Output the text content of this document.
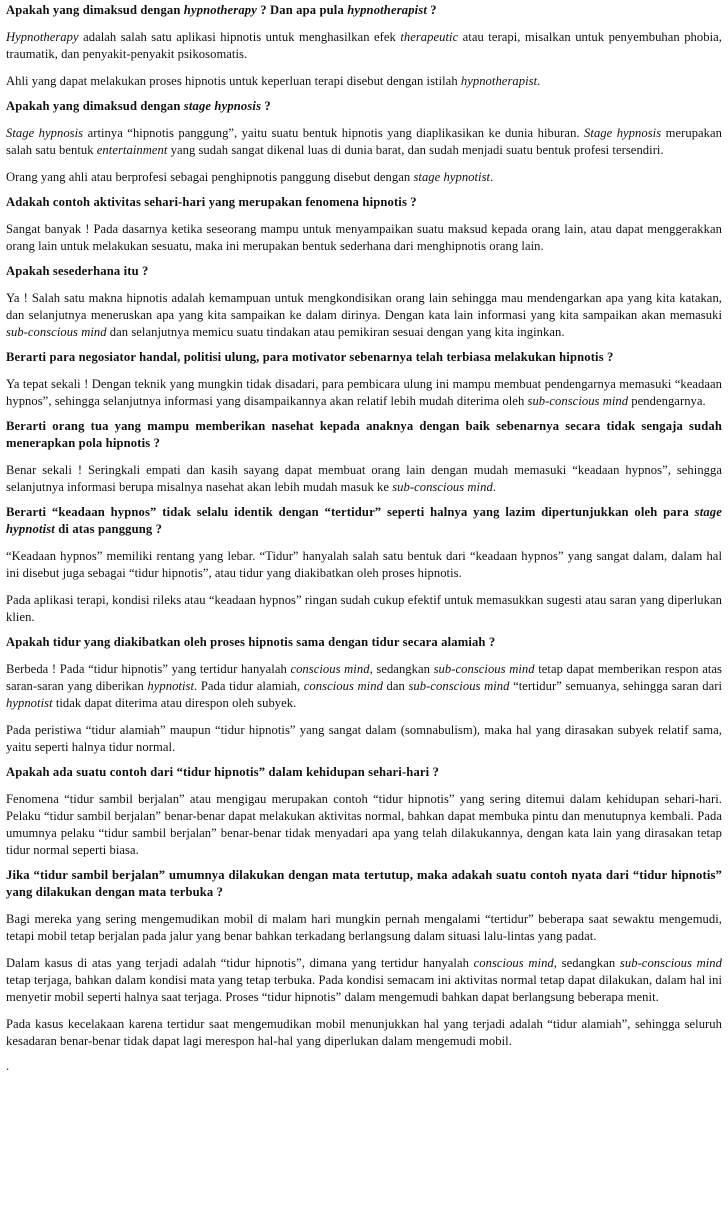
Apakah yang dimaksud dengan hypnotherapy ? Dan apa pula hypnotherapist ?
Hypnotherapy adalah salah satu aplikasi hipnotis untuk menghasilkan efek therapeutic atau terapi, misalkan untuk penyembuhan phobia, traumatik, dan penyakit-penyakit psikosomatis.
Ahli yang dapat melakukan proses hipnotis untuk keperluan terapi disebut dengan istilah hypnotherapist.
Apakah yang dimaksud dengan stage hypnosis ?
Stage hypnosis artinya “hipnotis panggung”, yaitu suatu bentuk hipnotis yang diaplikasikan ke dunia hiburan. Stage hypnosis merupakan salah satu bentuk entertainment yang sudah sangat dikenal luas di dunia barat, dan sudah menjadi suatu bentuk profesi tersendiri.
Orang yang ahli atau berprofesi sebagai penghipnotis panggung disebut dengan stage hypnotist.
Adakah contoh aktivitas sehari-hari yang merupakan fenomena hipnotis ?
Sangat banyak ! Pada dasarnya ketika seseorang mampu untuk menyampaikan suatu maksud kepada orang lain, atau dapat menggerakkan orang lain untuk melakukan sesuatu, maka ini merupakan bentuk sederhana dari menghipnotis orang lain.
Apakah sesederhana itu ?
Ya ! Salah satu makna hipnotis adalah kemampuan untuk mengkondisikan orang lain sehingga mau mendengarkan apa yang kita katakan, dan selanjutnya meneruskan apa yang kita sampaikan ke dalam dirinya. Dengan kata lain informasi yang kita sampaikan akan memasuki sub-conscious mind dan selanjutnya memicu suatu tindakan atau pemikiran sesuai dengan yang kita inginkan.
Berarti para negosiator handal, politisi ulung, para motivator sebenarnya telah terbiasa melakukan hipnotis ?
Ya tepat sekali ! Dengan teknik yang mungkin tidak disadari, para pembicara ulung ini mampu membuat pendengarnya memasuki “keadaan hypnos”, sehingga selanjutnya informasi yang disampaikannya akan relatif lebih mudah diterima oleh sub-conscious mind pendengarnya.
Berarti orang tua yang mampu memberikan nasehat kepada anaknya dengan baik sebenarnya secara tidak sengaja sudah menerapkan pola hipnotis ?
Benar sekali ! Seringkali empati dan kasih sayang dapat membuat orang lain dengan mudah memasuki “keadaan hypnos”, sehingga selanjutnya informasi berupa misalnya nasehat akan lebih mudah masuk ke sub-conscious mind.
Berarti “keadaan hypnos” tidak selalu identik dengan “tertidur” seperti halnya yang lazim dipertunjukkan oleh para stage hypnotist di atas panggung ?
“Keadaan hypnos” memiliki rentang yang lebar. “Tidur” hanyalah salah satu bentuk dari “keadaan hypnos” yang sangat dalam, dalam hal ini disebut juga sebagai “tidur hipnotis”, atau tidur yang diakibatkan oleh proses hipnotis.
Pada aplikasi terapi, kondisi rileks atau “keadaan hypnos” ringan sudah cukup efektif untuk memasukkan sugesti atau saran yang diperlukan klien.
Apakah tidur yang diakibatkan oleh proses hipnotis sama dengan tidur secara alamiah ?
Berbeda ! Pada “tidur hipnotis” yang tertidur hanyalah conscious mind, sedangkan sub-conscious mind tetap dapat memberikan respon atas saran-saran yang diberikan hypnotist. Pada tidur alamiah, conscious mind dan sub-conscious mind “tertidur” semuanya, sehingga saran dari hypnotist tidak dapat diterima atau direspon oleh subyek.
Pada peristiwa “tidur alamiah” maupun “tidur hipnotis” yang sangat dalam (somnabulism), maka hal yang dirasakan subyek relatif sama, yaitu seperti halnya tidur normal.
Apakah ada suatu contoh dari “tidur hipnotis” dalam kehidupan sehari-hari ?
Fenomena “tidur sambil berjalan” atau mengigau merupakan contoh “tidur hipnotis” yang sering ditemui dalam kehidupan sehari-hari. Pelaku “tidur sambil berjalan” benar-benar dapat melakukan aktivitas normal, bahkan dapat membuka pintu dan menutupnya kembali. Pada umumnya pelaku “tidur sambil berjalan” benar-benar tidak menyadari apa yang telah dilakukannya, dengan kata lain yang dirasakan tetap tidur normal seperti biasa.
Jika “tidur sambil berjalan” umumnya dilakukan dengan mata tertutup, maka adakah suatu contoh nyata dari “tidur hipnotis” yang dilakukan dengan mata terbuka ?
Bagi mereka yang sering mengemudikan mobil di malam hari mungkin pernah mengalami “tertidur” beberapa saat sewaktu mengemudi, tetapi mobil tetap berjalan pada jalur yang benar bahkan terkadang berlangsung dalam situasi lalu-lintas yang padat.
Dalam kasus di atas yang terjadi adalah “tidur hipnotis”, dimana yang tertidur hanyalah conscious mind, sedangkan sub-conscious mind tetap terjaga, bahkan dalam kondisi mata yang tetap terbuka. Pada kondisi semacam ini aktivitas normal tetap dapat dilakukan, dalam hal ini menyetir mobil seperti halnya saat terjaga. Proses “tidur hipnotis” dalam mengemudi bahkan dapat berlangsung beberapa menit.
Pada kasus kecelakaan karena tertidur saat mengemudikan mobil menunjukkan hal yang terjadi adalah “tidur alamiah”, sehingga seluruh kesadaran benar-benar tidak dapat lagi merespon hal-hal yang diperlukan dalam mengemudi mobil.
.
